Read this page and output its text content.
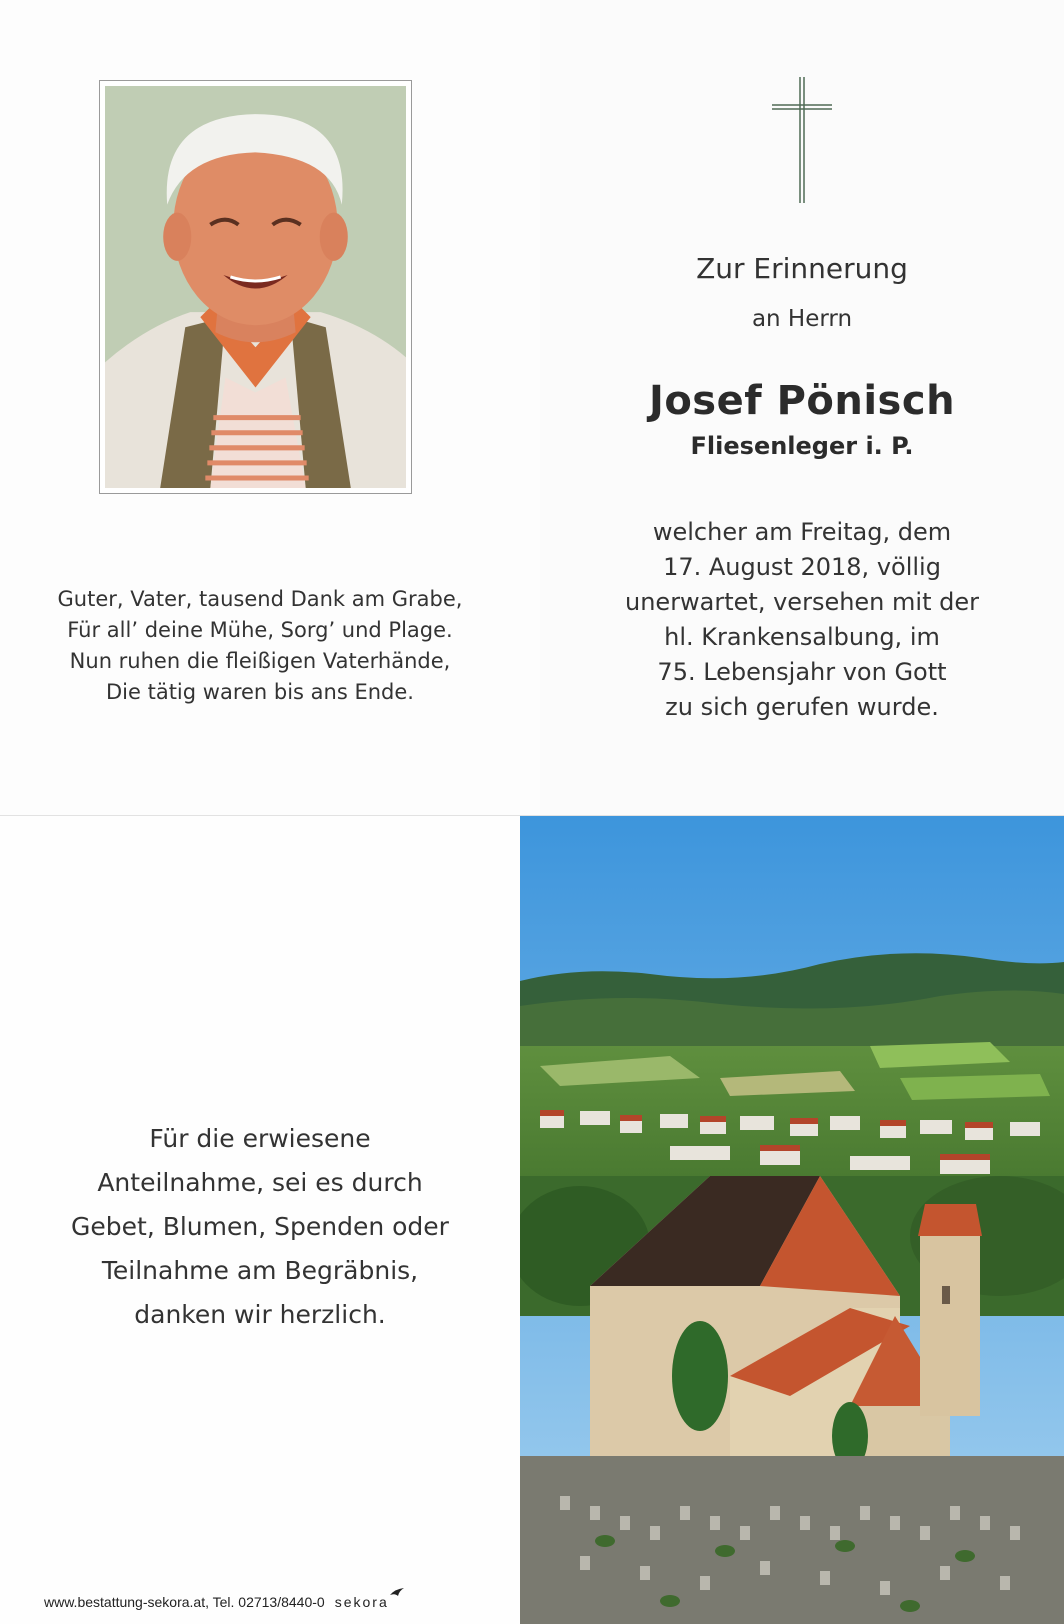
Guter, Vater, tausend Dank am Grabe,
Für all’ deine Mühe, Sorg’ und Plage.
Nun ruhen die fleißigen Vaterhände,
Die tätig waren bis ans Ende.
Zur Erinnerung
an Herrn
Josef Pönisch
Fliesenleger i. P.
welcher am Freitag, dem
17. August 2018, völlig
unerwartet, versehen mit der
hl. Krankensalbung, im
75. Lebensjahr von Gott
zu sich gerufen wurde.
Für die erwiesene
Anteilnahme, sei es durch
Gebet, Blumen, Spenden oder
Teilnahme am Begräbnis,
danken wir herzlich.
www.bestattung-sekora.at, Tel. 02713/8440-0 sekora
